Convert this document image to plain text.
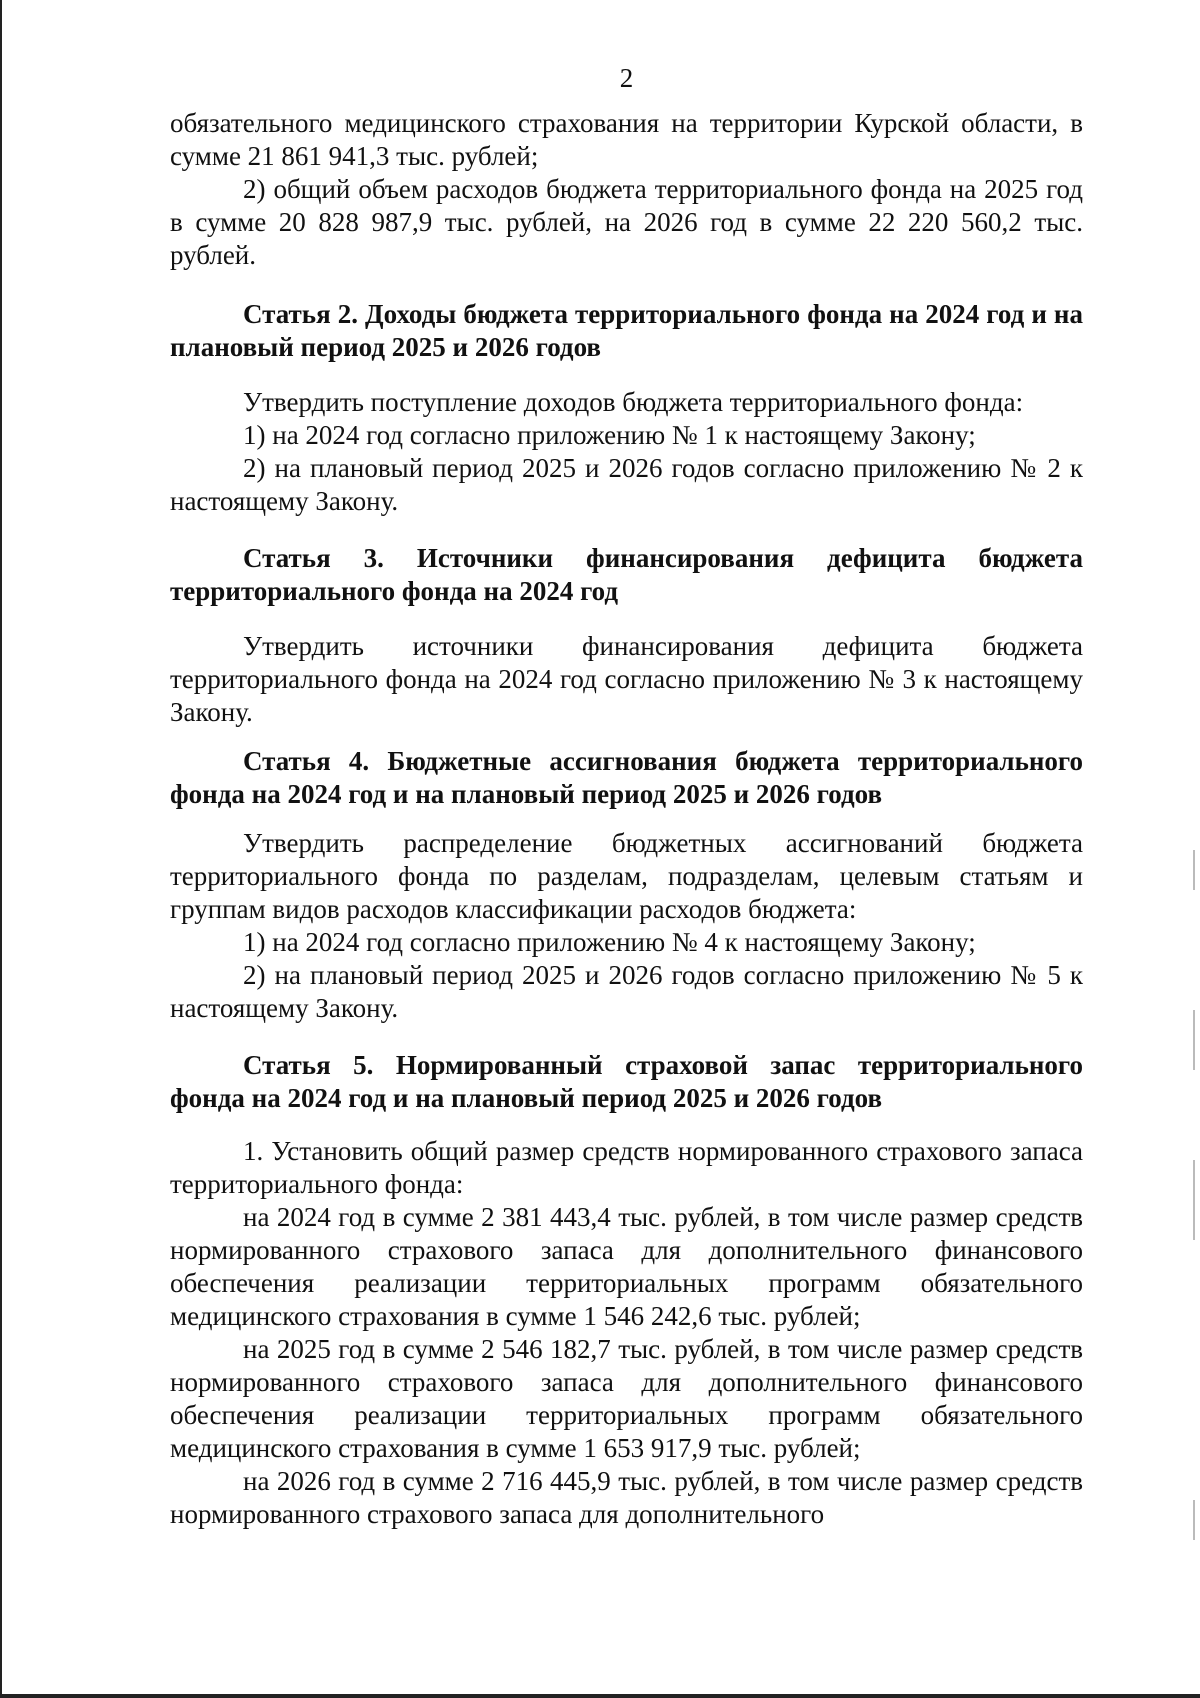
2

обязательного медицинского страхования на территории Курской области, в сумме 21 861 941,3 тыс. рублей;

2) общий объем расходов бюджета территориального фонда на 2025 год в сумме 20 828 987,9 тыс. рублей, на 2026 год в сумме 22 220 560,2 тыс. рублей.

Статья 2. Доходы бюджета территориального фонда на 2024 год и на плановый период 2025 и 2026 годов

Утвердить поступление доходов бюджета территориального фонда:

1) на 2024 год согласно приложению № 1 к настоящему Закону;

2) на плановый период 2025 и 2026 годов согласно приложению № 2 к настоящему Закону.

Статья 3. Источники финансирования дефицита бюджета территориального фонда на 2024 год

Утвердить источники финансирования дефицита бюджета территориального фонда на 2024 год согласно приложению № 3 к настоящему Закону.

Статья 4. Бюджетные ассигнования бюджета территориального фонда на 2024 год и на плановый период 2025 и 2026 годов

Утвердить распределение бюджетных ассигнований бюджета территориального фонда по разделам, подразделам, целевым статьям и группам видов расходов классификации расходов бюджета:

1) на 2024 год согласно приложению № 4 к настоящему Закону;

2) на плановый период 2025 и 2026 годов согласно приложению № 5 к настоящему Закону.

Статья 5. Нормированный страховой запас территориального фонда на 2024 год и на плановый период 2025 и 2026 годов

1. Установить общий размер средств нормированного страхового запаса территориального фонда:

на 2024 год в сумме 2 381 443,4 тыс. рублей, в том числе размер средств нормированного страхового запаса для дополнительного финансового обеспечения реализации территориальных программ обязательного медицинского страхования в сумме 1 546 242,6 тыс. рублей;

на 2025 год в сумме 2 546 182,7 тыс. рублей, в том числе размер средств нормированного страхового запаса для дополнительного финансового обеспечения реализации территориальных программ обязательного медицинского страхования в сумме 1 653 917,9 тыс. рублей;

на 2026 год в сумме 2 716 445,9 тыс. рублей, в том числе размер средств нормированного страхового запаса для дополнительного
